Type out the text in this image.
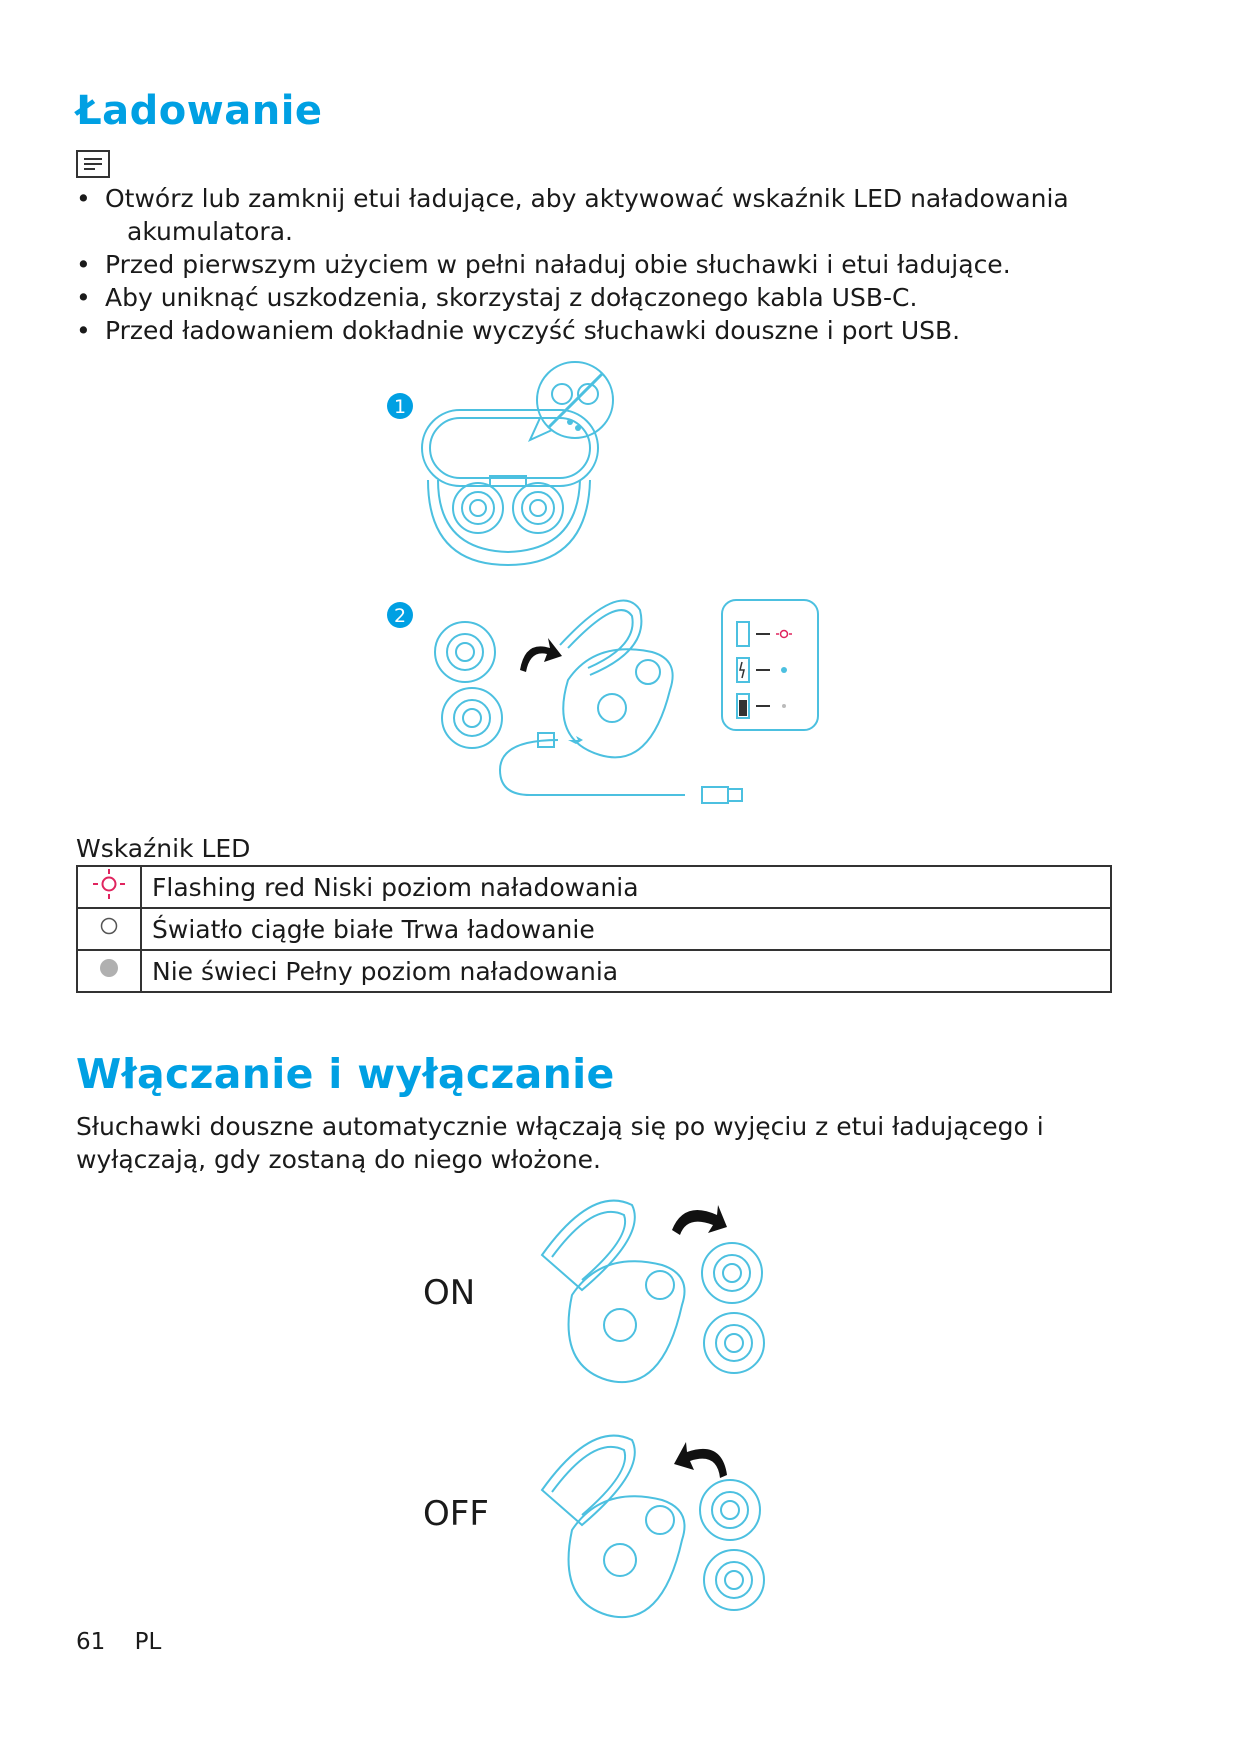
Ładowanie
• Otwórz lub zamknij etui ładujące, aby aktywować wskaźnik LED naładowania
akumulatora.
• Przed pierwszym użyciem w pełni naładuj obie słuchawki i etui ładujące.
• Aby uniknąć uszkodzenia, skorzystaj z dołączonego kabla USB-C.
• Przed ładowaniem dokładnie wyczyść słuchawki douszne i port USB.
1
2
Wskaźnik LED
	Flashing red Niski poziom naładowania
	Światło ciągłe białe Trwa ładowanie
	Nie świeci Pełny poziom naładowania
Włączanie i wyłączanie
Słuchawki douszne automatycznie włączają się po wyjęciu z etui ładującego i
wyłączają, gdy zostaną do niego włożone.
ON
OFF
61 PL
